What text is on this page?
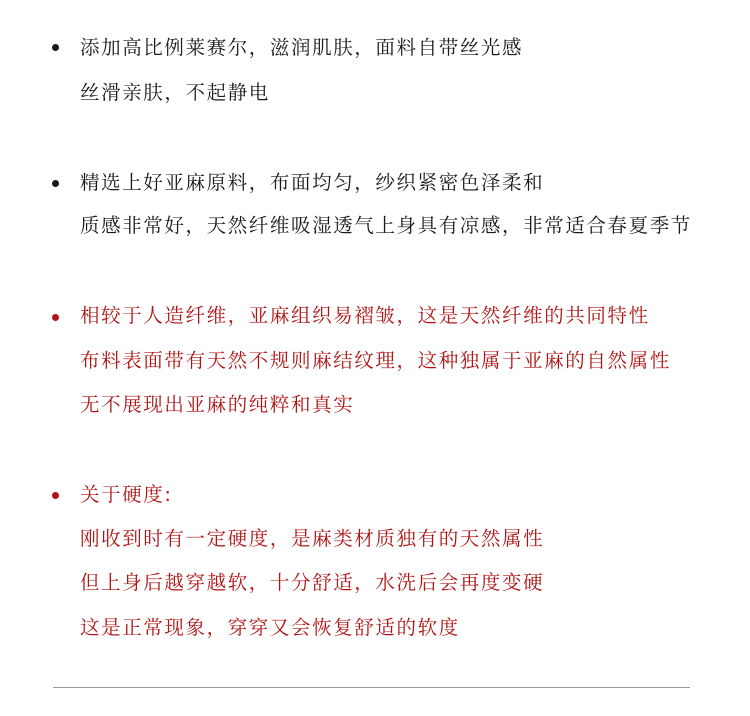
添加高比例莱赛尔，滋润肌肤，面料自带丝光感
丝滑亲肤，不起静电
精选上好亚麻原料，布面均匀，纱织紧密色泽柔和
质感非常好，天然纤维吸湿透气上身具有凉感，非常适合春夏季节
相较于人造纤维，亚麻组织易褶皱，这是天然纤维的共同特性
布料表面带有天然不规则麻结纹理，这种独属于亚麻的自然属性
无不展现出亚麻的纯粹和真实
关于硬度:
刚收到时有一定硬度，是麻类材质独有的天然属性
但上身后越穿越软，十分舒适，水洗后会再度变硬
这是正常现象，穿穿又会恢复舒适的软度
